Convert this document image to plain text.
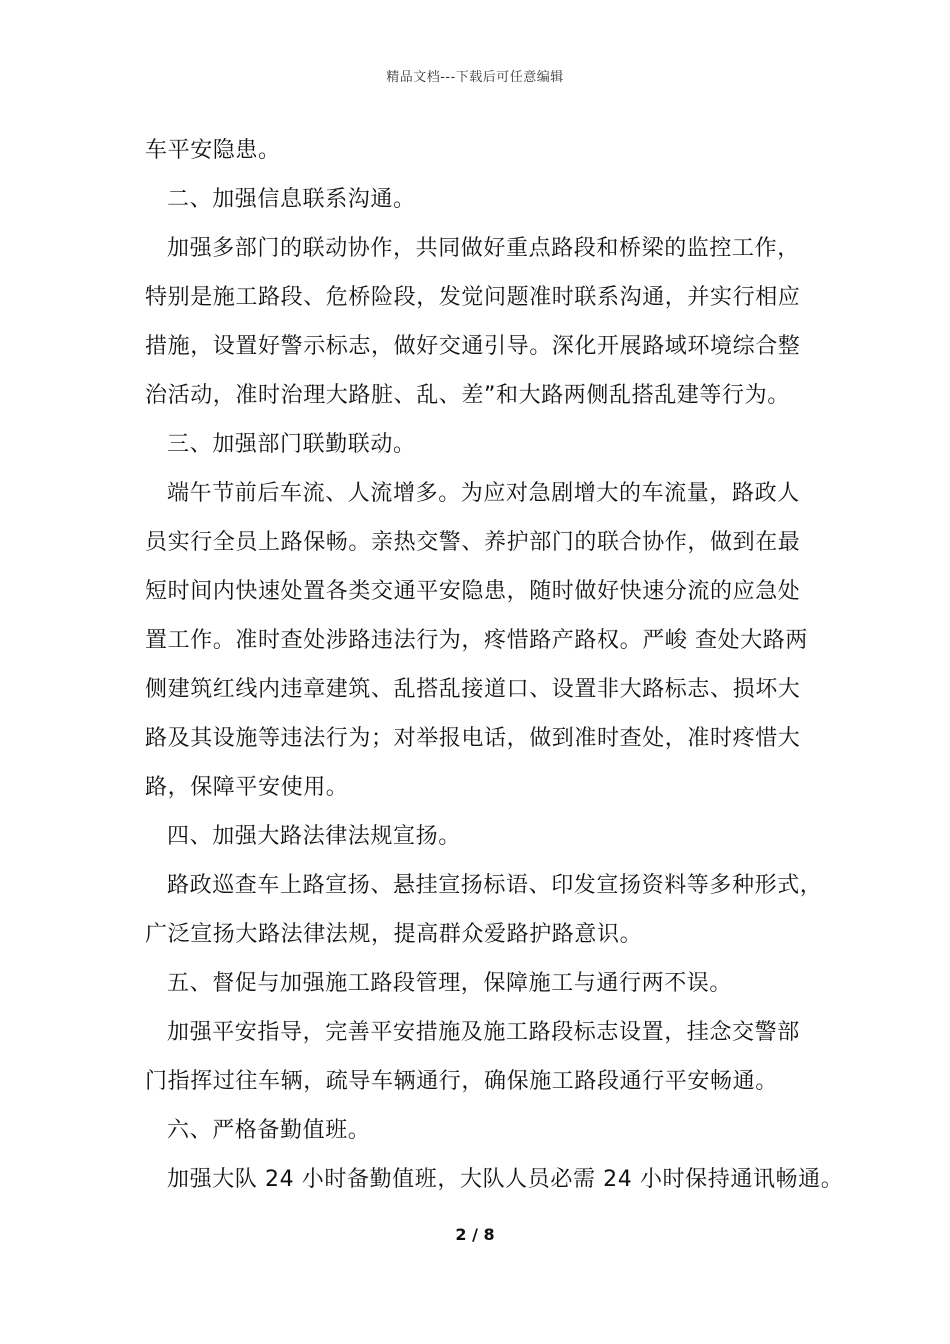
精品文档---下载后可任意编辑
车平安隐患。
二、加强信息联系沟通。
加强多部门的联动协作，共同做好重点路段和桥梁的监控工作，
特别是施工路段、危桥险段，发觉问题准时联系沟通，并实行相应
措施，设置好警示标志，做好交通引导。深化开展路域环境综合整
治活动，准时治理大路脏、乱、差”和大路两侧乱搭乱建等行为。
三、加强部门联勤联动。
端午节前后车流、人流增多。为应对急剧增大的车流量，路政人
员实行全员上路保畅。亲热交警、养护部门的联合协作，做到在最
短时间内快速处置各类交通平安隐患，随时做好快速分流的应急处
置工作。准时查处涉路违法行为，疼惜路产路权。严峻 查处大路两
侧建筑红线内违章建筑、乱搭乱接道口、设置非大路标志、损坏大
路及其设施等违法行为；对举报电话，做到准时查处，准时疼惜大
路，保障平安使用。
四、加强大路法律法规宣扬。
路政巡查车上路宣扬、悬挂宣扬标语、印发宣扬资料等多种形式，
广泛宣扬大路法律法规，提高群众爱路护路意识。
五、督促与加强施工路段管理，保障施工与通行两不误。
加强平安指导，完善平安措施及施工路段标志设置，挂念交警部
门指挥过往车辆，疏导车辆通行，确保施工路段通行平安畅通。
六、严格备勤值班。
加强大队 24 小时备勤值班，大队人员必需 24 小时保持通讯畅通。
2 / 8
